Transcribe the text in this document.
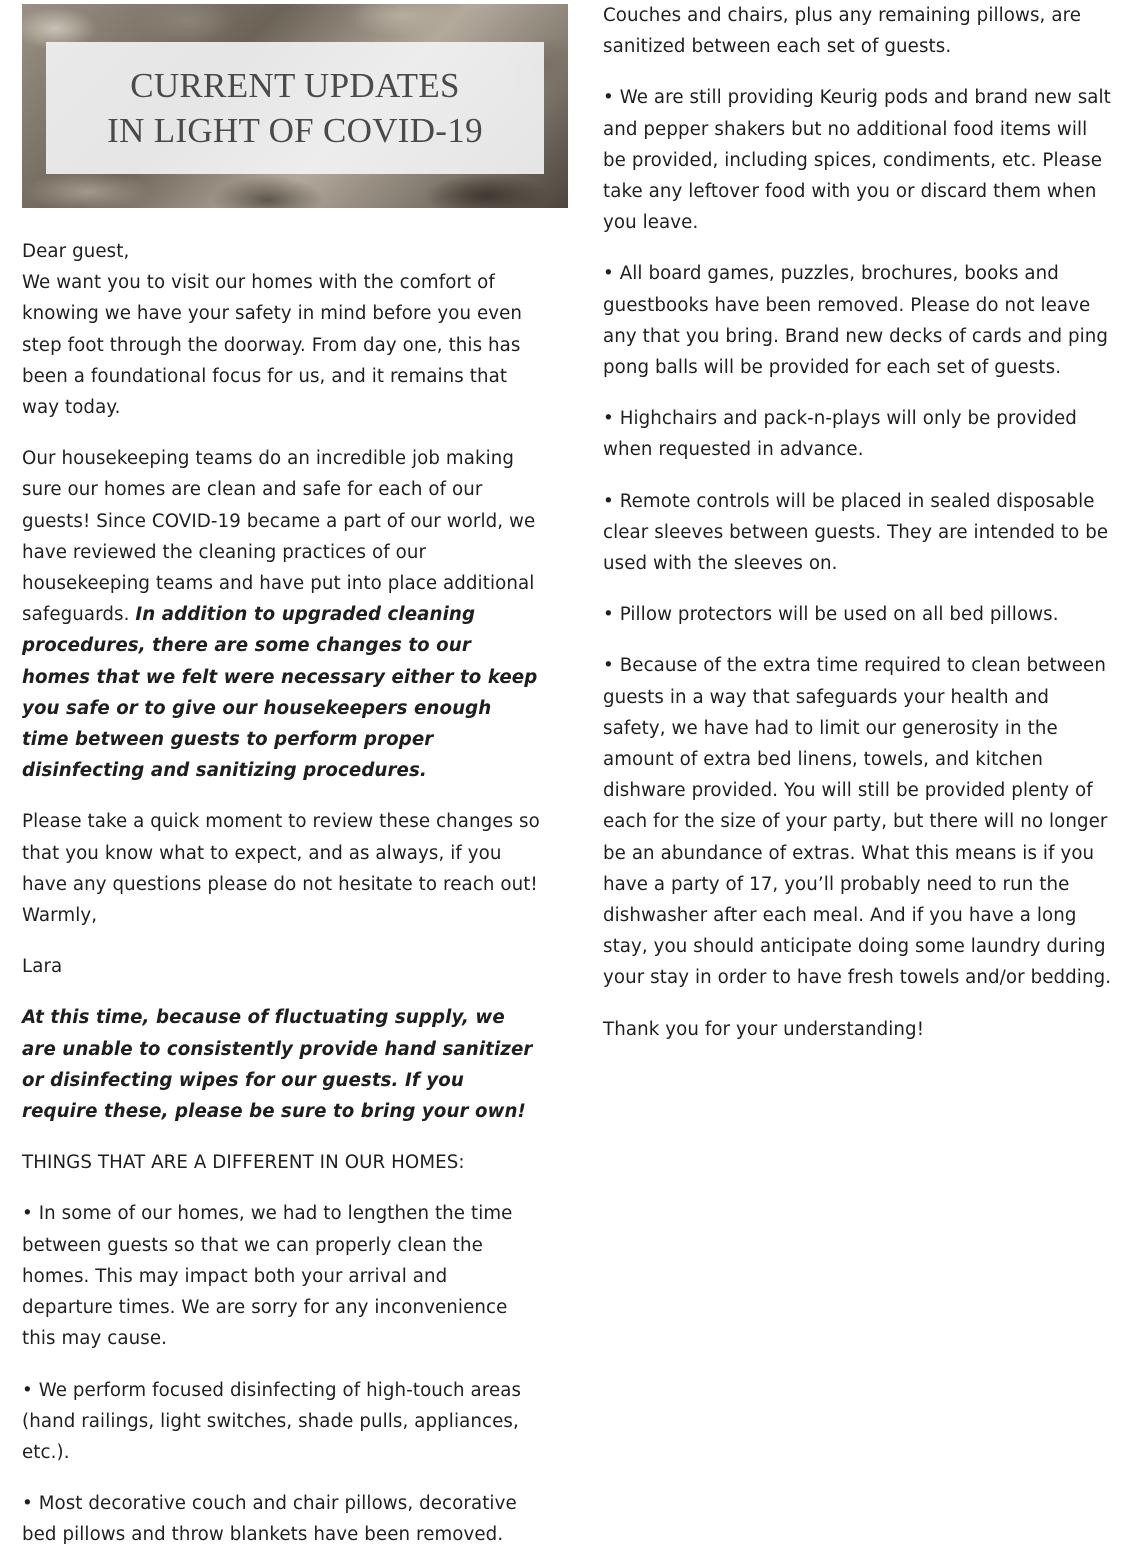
CURRENT UPDATES
IN LIGHT OF COVID-19

Dear guest,

We want you to visit our homes with the comfort of knowing we have your safety in mind before you even step foot through the doorway. From day one, this has been a foundational focus for us, and it remains that way today.

Our housekeeping teams do an incredible job making sure our homes are clean and safe for each of our guests! Since COVID-19 became a part of our world, we have reviewed the cleaning practices of our housekeeping teams and have put into place additional safeguards. In addition to upgraded cleaning procedures, there are some changes to our homes that we felt were necessary either to keep you safe or to give our housekeepers enough time between guests to perform proper disinfecting and sanitizing procedures.

Please take a quick moment to review these changes so that you know what to expect, and as always, if you have any questions please do not hesitate to reach out!

Warmly,

Lara

At this time, because of fluctuating supply, we are unable to consistently provide hand sanitizer or disinfecting wipes for our guests. If you require these, please be sure to bring your own!

THINGS THAT ARE A DIFFERENT IN OUR HOMES:

• In some of our homes, we had to lengthen the time between guests so that we can properly clean the homes. This may impact both your arrival and departure times. We are sorry for any inconvenience this may cause.

• We perform focused disinfecting of high-touch areas (hand railings, light switches, shade pulls, appliances, etc.).

• Most decorative couch and chair pillows, decorative bed pillows and throw blankets have been removed.

Couches and chairs, plus any remaining pillows, are sanitized between each set of guests.

• We are still providing Keurig pods and brand new salt and pepper shakers but no additional food items will be provided, including spices, condiments, etc. Please take any leftover food with you or discard them when you leave.

• All board games, puzzles, brochures, books and guestbooks have been removed. Please do not leave any that you bring. Brand new decks of cards and ping pong balls will be provided for each set of guests.

• Highchairs and pack-n-plays will only be provided when requested in advance.

• Remote controls will be placed in sealed disposable clear sleeves between guests. They are intended to be used with the sleeves on.

• Pillow protectors will be used on all bed pillows.

• Because of the extra time required to clean between guests in a way that safeguards your health and safety, we have had to limit our generosity in the amount of extra bed linens, towels, and kitchen dishware provided. You will still be provided plenty of each for the size of your party, but there will no longer be an abundance of extras. What this means is if you have a party of 17, you’ll probably need to run the dishwasher after each meal. And if you have a long stay, you should anticipate doing some laundry during your stay in order to have fresh towels and/or bedding.

Thank you for your understanding!
